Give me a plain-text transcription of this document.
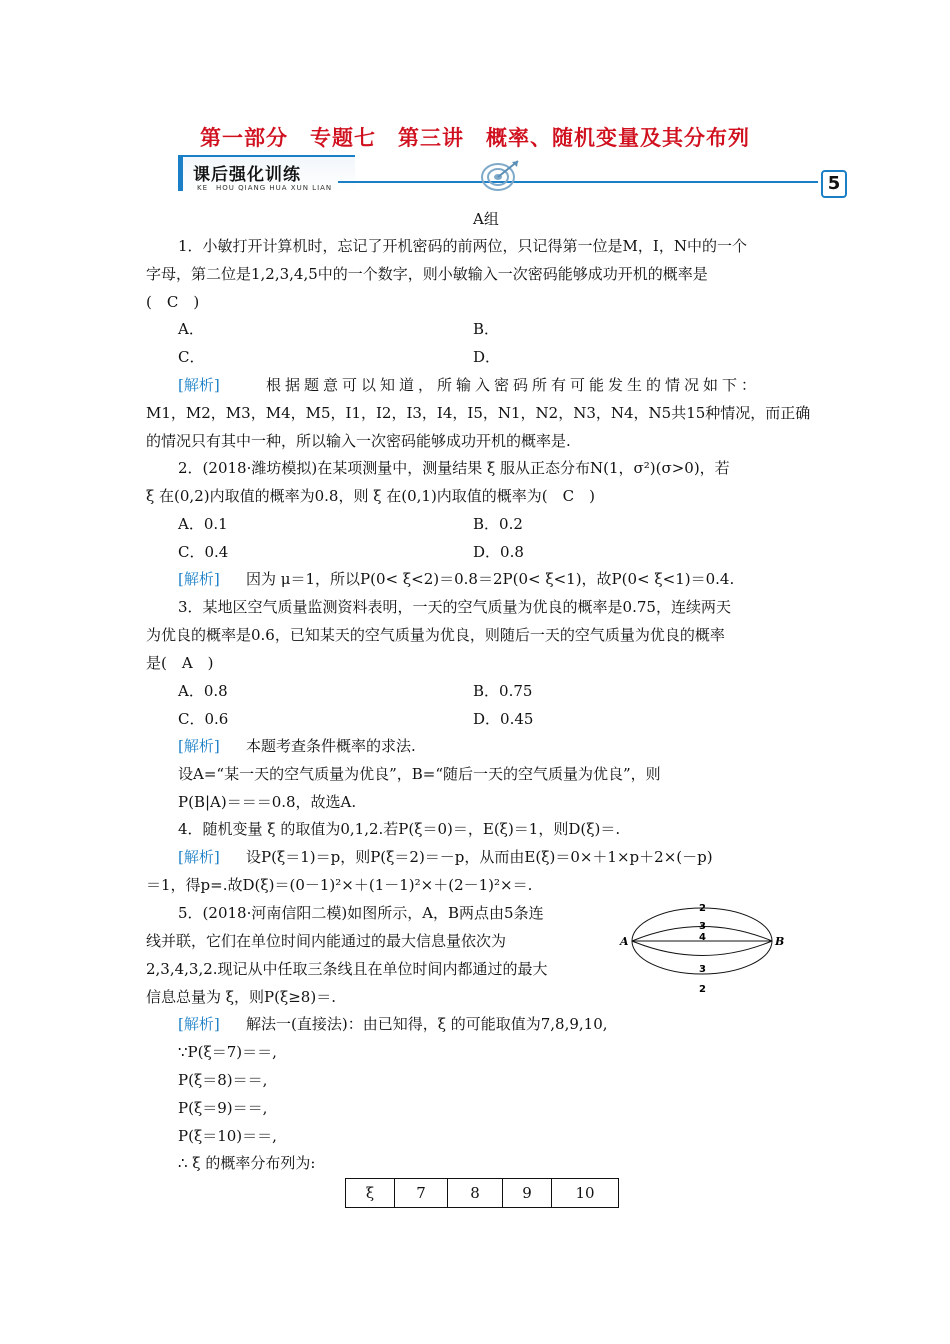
第一部分　专题七　第三讲　概率、随机变量及其分布列
课后强化训练
KE　HOU QIANG HUA XUN LIAN	5
A组
1．小敏打开计算机时，忘记了开机密码的前两位，只记得第一位是M，I，N中的一个
字母，第二位是1,2,3,4,5中的一个数字，则小敏输入一次密码能够成功开机的概率是
(　C　)
A．	B．
C．	D．
[解析]	根据题意可以知道，所输入密码所有可能发生的情况如下：
M1，M2，M3，M4，M5，I1，I2，I3，I4，I5，N1，N2，N3，N4，N5共15种情况，而正确
的情况只有其中一种，所以输入一次密码能够成功开机的概率是.
2．(2018·潍坊模拟)在某项测量中，测量结果 ξ 服从正态分布N(1，σ²)(σ>0)，若
ξ 在(0,2)内取值的概率为0.8，则 ξ 在(0,1)内取值的概率为(　C　)
A．0.1	B．0.2
C．0.4	D．0.8
[解析] 因为 μ＝1，所以P(0< ξ<2)＝0.8＝2P(0< ξ<1)，故P(0< ξ<1)＝0.4.
3．某地区空气质量监测资料表明，一天的空气质量为优良的概率是0.75，连续两天
为优良的概率是0.6，已知某天的空气质量为优良，则随后一天的空气质量为优良的概率
是(　A　)
A．0.8	B．0.75
C．0.6	D．0.45
[解析] 本题考查条件概率的求法.
设A=“某一天的空气质量为优良”，B=“随后一天的空气质量为优良”，则
P(B|A)＝＝＝0.8，故选A.
4．随机变量 ξ 的取值为0,1,2.若P(ξ＝0)＝，E(ξ)＝1，则D(ξ)＝.
[解析] 设P(ξ＝1)＝p，则P(ξ＝2)＝－p，从而由E(ξ)＝0×＋1×p＋2×(－p)
＝1，得p=.故D(ξ)＝(0－1)²×＋(1－1)²×＋(2－1)²×＝.
5．(2018·河南信阳二模)如图所示，A，B两点由5条连
线并联，它们在单位时间内能通过的最大信息量依次为
2,3,4,3,2.现记从中任取三条线且在单位时间内都通过的最大
信息总量为 ξ，则P(ξ≥8)＝.
A	B
2
3
4
3
2
[解析] 解法一(直接法)：由已知得，ξ 的可能取值为7,8,9,10,
∵P(ξ＝7)＝＝,
P(ξ＝8)＝＝,
P(ξ＝9)＝＝,
P(ξ＝10)＝＝,
∴ ξ 的概率分布列为:
ξ	7	8	9	10
